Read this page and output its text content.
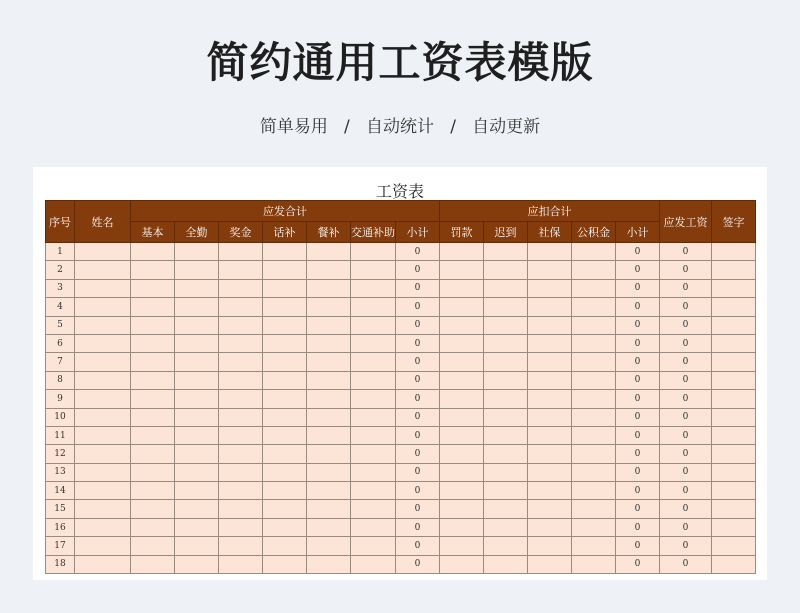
简约通用工资表模版
简单易用   /   自动统计   /   自动更新
工资表
序号	姓名	应发合计							应扣合计					应发工资	签字
		基本	全勤	奖金	话补	餐补	交通补助	小计	罚款	迟到	社保	公积金	小计		
1								0					0	0	
2								0					0	0	
3								0					0	0	
4								0					0	0	
5								0					0	0	
6								0					0	0	
7								0					0	0	
8								0					0	0	
9								0					0	0	
10								0					0	0	
11								0					0	0	
12								0					0	0	
13								0					0	0	
14								0					0	0	
15								0					0	0	
16								0					0	0	
17								0					0	0	
18								0					0	0	
